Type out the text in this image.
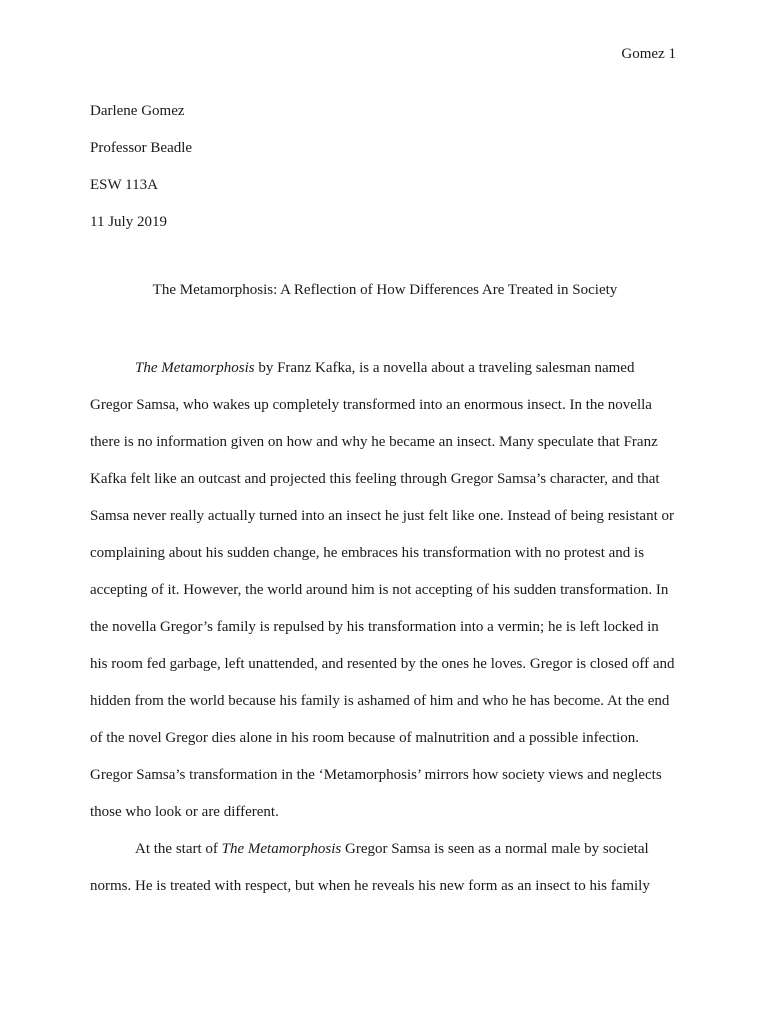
Gomez 1
Darlene Gomez
Professor Beadle
ESW 113A
11 July 2019
The Metamorphosis: A Reflection of How Differences Are Treated in Society
The Metamorphosis by Franz Kafka, is a novella about a traveling salesman named
Gregor Samsa, who wakes up completely transformed into an enormous insect. In the novella
there is no information given on how and why he became an insect. Many speculate that Franz
Kafka felt like an outcast and projected this feeling through Gregor Samsa’s character, and that
Samsa never really actually turned into an insect he just felt like one. Instead of being resistant or
complaining about his sudden change, he embraces his transformation with no protest and is
accepting of it. However, the world around him is not accepting of his sudden transformation. In
the novella Gregor’s family is repulsed by his transformation into a vermin; he is left locked in
his room fed garbage, left unattended, and resented by the ones he loves. Gregor is closed off and
hidden from the world because his family is ashamed of him and who he has become. At the end
of the novel Gregor dies alone in his room because of malnutrition and a possible infection.
Gregor Samsa’s transformation in the ‘Metamorphosis’ mirrors how society views and neglects
those who look or are different.
At the start of The Metamorphosis Gregor Samsa is seen as a normal male by societal
norms. He is treated with respect, but when he reveals his new form as an insect to his family
